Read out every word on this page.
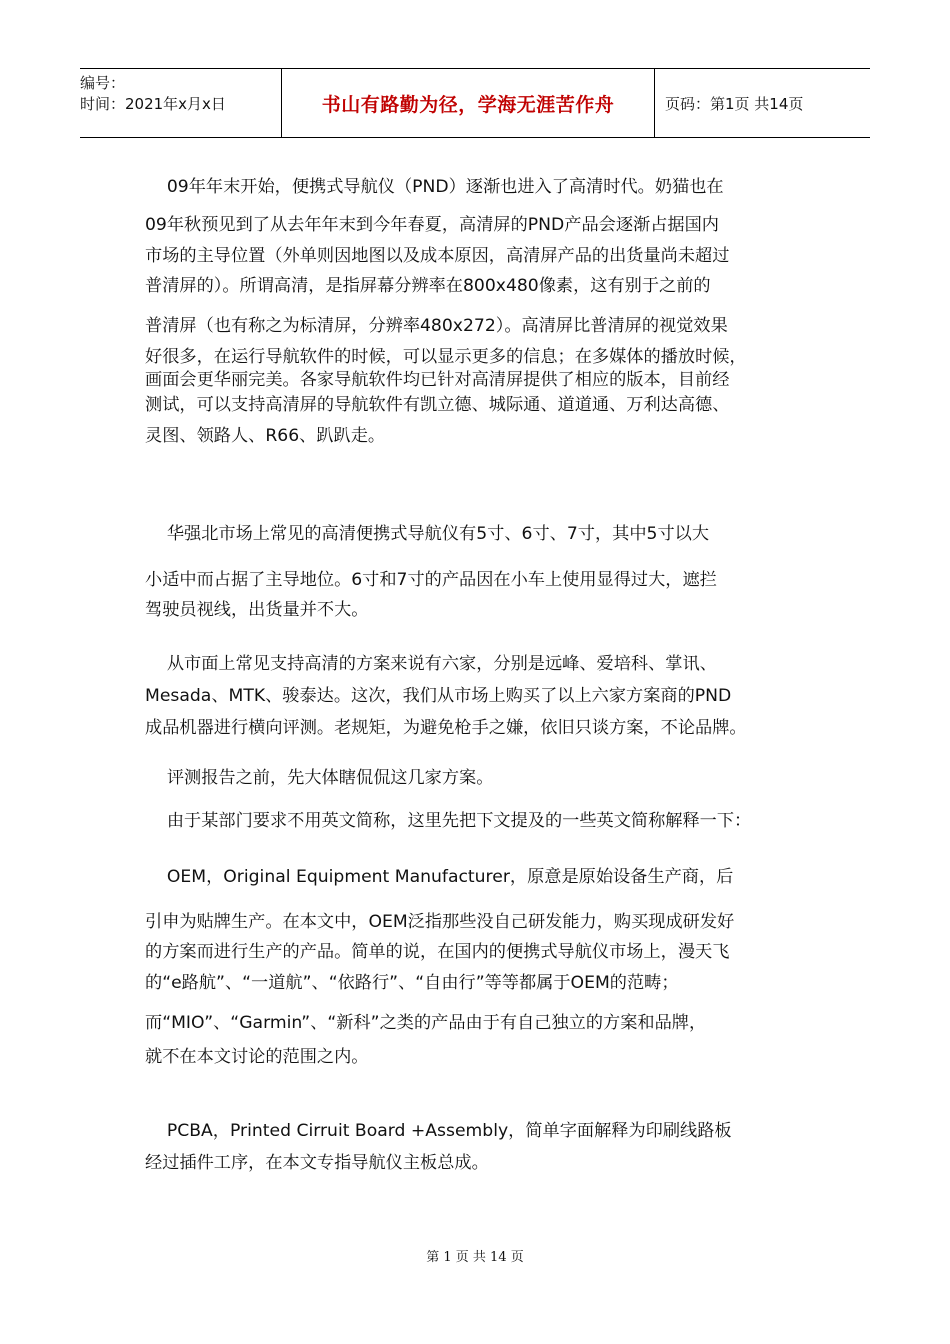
编号：
时间：2021年x月x日	书山有路勤为径，学海无涯苦作舟	页码：第1页 共14页
09年年末开始，便携式导航仪（PND）逐渐也进入了高清时代。奶猫也在
09年秋预见到了从去年年末到今年春夏，高清屏的PND产品会逐渐占据国内
市场的主导位置（外单则因地图以及成本原因，高清屏产品的出货量尚未超过
普清屏的）。所谓高清，是指屏幕分辨率在800x480像素，这有别于之前的
普清屏（也有称之为标清屏，分辨率480x272）。高清屏比普清屏的视觉效果
好很多，在运行导航软件的时候，可以显示更多的信息；在多媒体的播放时候，
画面会更华丽完美。各家导航软件均已针对高清屏提供了相应的版本，目前经
测试，可以支持高清屏的导航软件有凯立德、城际通、道道通、万利达高德、
灵图、领路人、R66、趴趴走。
华强北市场上常见的高清便携式导航仪有5寸、6寸、7寸，其中5寸以大
小适中而占据了主导地位。6寸和7寸的产品因在小车上使用显得过大，遮拦
驾驶员视线，出货量并不大。
从市面上常见支持高清的方案来说有六家，分别是远峰、爱培科、掌讯、
Mesada、MTK、骏泰达。这次，我们从市场上购买了以上六家方案商的PND
成品机器进行横向评测。老规矩，为避免枪手之嫌，依旧只谈方案，不论品牌。
评测报告之前，先大体瞎侃侃这几家方案。
由于某部门要求不用英文简称，这里先把下文提及的一些英文简称解释一下：
OEM，Original Equipment Manufacturer，原意是原始设备生产商，后
引申为贴牌生产。在本文中，OEM泛指那些没自己研发能力，购买现成研发好
的方案而进行生产的产品。简单的说，在国内的便携式导航仪市场上，漫天飞
的“e路航”、“一道航”、“依路行”、“自由行”等等都属于OEM的范畴；
而“MIO”、“Garmin”、“新科”之类的产品由于有自己独立的方案和品牌，
就不在本文讨论的范围之内。
PCBA，Printed Cirruit Board +Assembly，简单字面解释为印刷线路板
经过插件工序，在本文专指导航仪主板总成。
第 1 页 共 14 页
